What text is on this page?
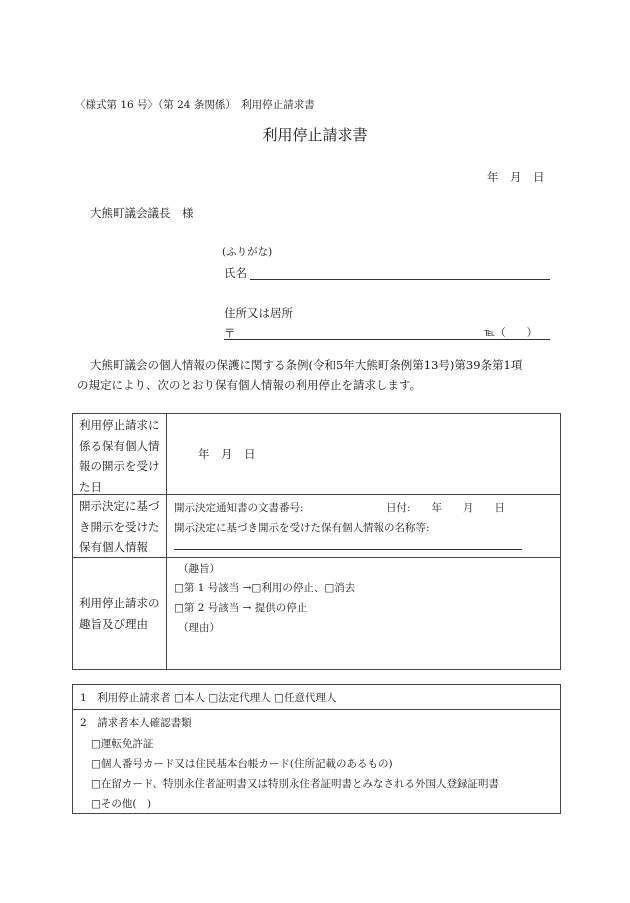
〈様式第 16 号〉（第 24 条関係）　利用停止請求書
利用停止請求書
年　月　日
大熊町議会議長　様
(ふりがな)
氏名
住所又は居所
〒	℡（　　）
大熊町議会の個人情報の保護に関する条例(令和5年大熊町条例第13号)第39条第1項
の規定により、次のとおり保有個人情報の利用停止を請求します。
利用停止請求に
係る保有個人情
報の開示を受け
た日
年　月　日
開示決定に基づ
き開示を受けた
保有個人情報
開示決定通知書の文書番号:	日付:　　年　　月　　日
開示決定に基づき開示を受けた保有個人情報の名称等:
利用停止請求の
趣旨及び理由
（趣旨）
□第 1 号該当 →□利用の停止、□消去
□第 2 号該当 → 提供の停止
（理由）
1　利用停止請求者 □本人 □法定代理人 □任意代理人
2　請求者本人確認書類
□運転免許証
□個人番号カード又は住民基本台帳カード(住所記載のあるもの)
□在留カード、特別永住者証明書又は特別永住者証明書とみなされる外国人登録証明書
□その他(　)
